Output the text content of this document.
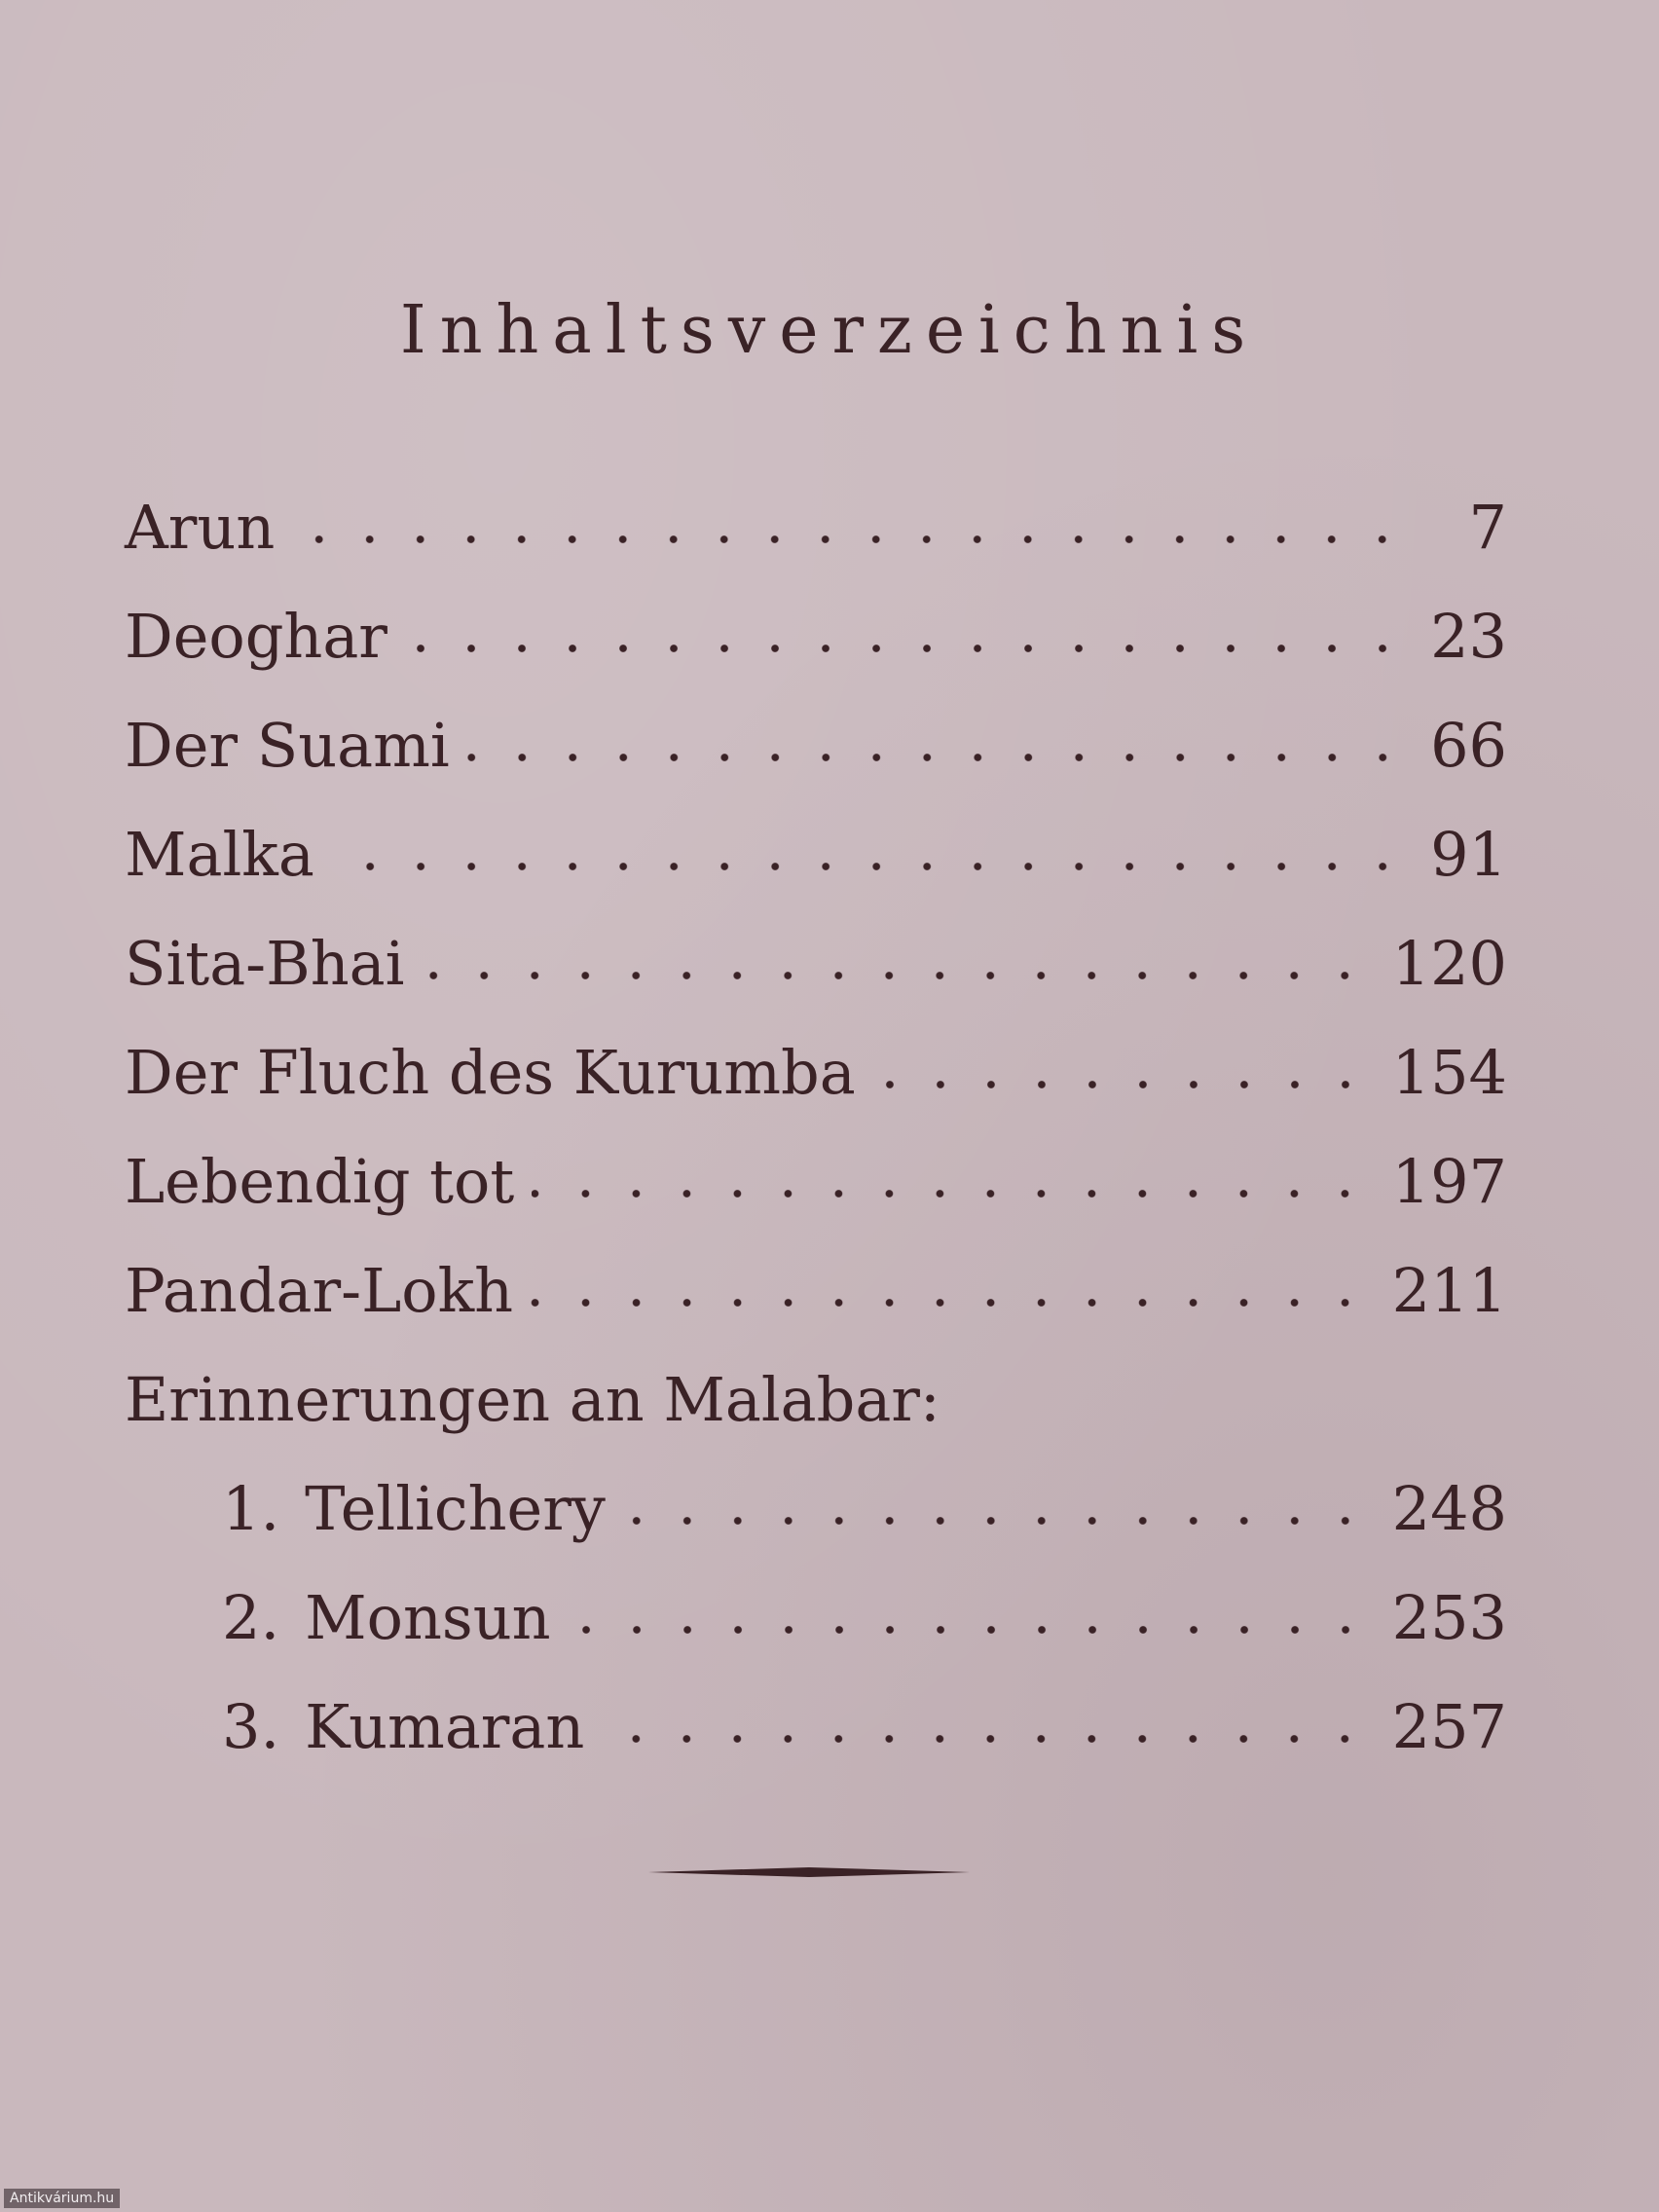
Inhaltsverzeichnis
Arun	7
Deoghar	23
Der Suami	66
Malka	91
Sita-Bhai	120
Der Fluch des Kurumba	154
Lebendig tot	197
Pandar-Lokh	211
Erinnerungen an Malabar:
1. Tellichery	248
2. Monsun	253
3. Kumaran	257
Antikvárium.hu
